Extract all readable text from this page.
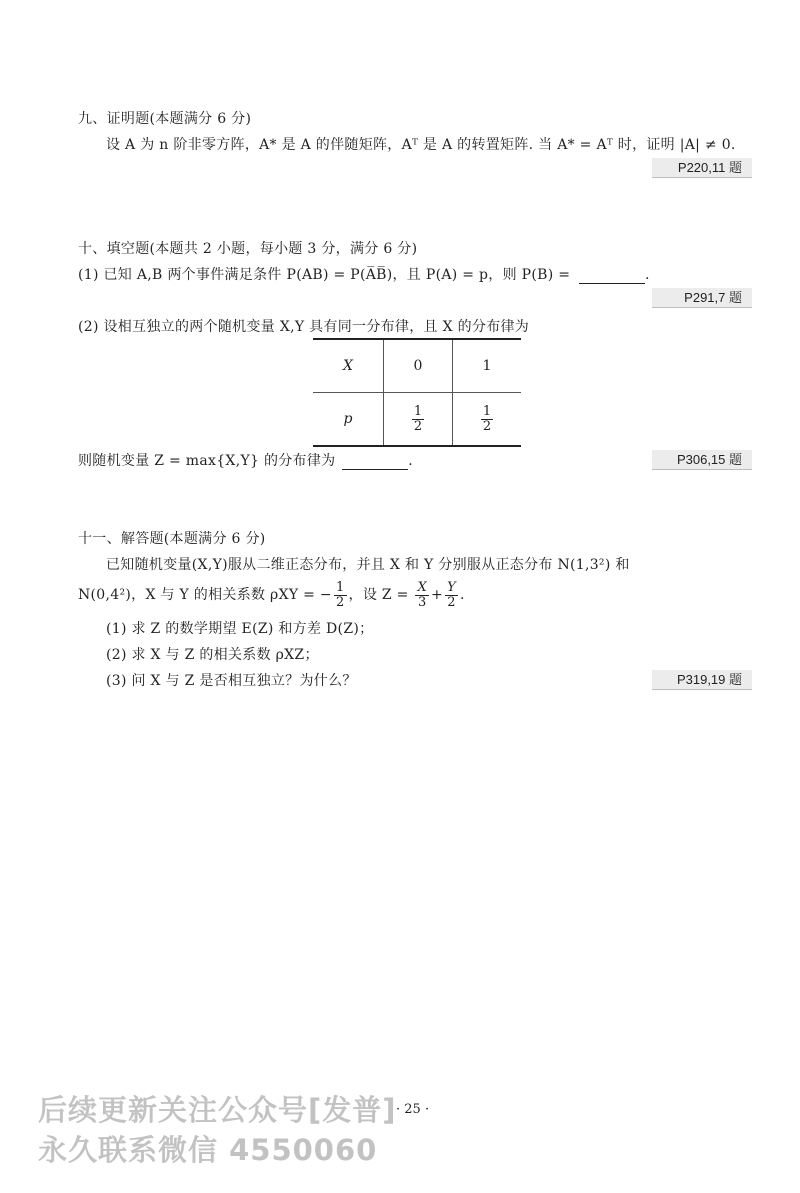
九、证明题(本题满分 6 分)
设 A 为 n 阶非零方阵，A* 是 A 的伴随矩阵，Aᵀ 是 A 的转置矩阵. 当 A* = Aᵀ 时，证明 |A| ≠ 0.
P220,11 题
十、填空题(本题共 2 小题，每小题 3 分，满分 6 分)
(1) 已知 A,B 两个事件满足条件 P(AB) = P(A̅B̅)，且 P(A) = p，则 P(B) =	.
P291,7 题
(2) 设相互独立的两个随机变量 X,Y 具有同一分布律，且 X 的分布律为
X	0	1
p	$\frac{1}{2}$	$\frac{1}{2}$
则随机变量 Z = max{X,Y} 的分布律为	.	P306,15 题
十一、解答题(本题满分 6 分)
已知随机变量(X,Y)服从二维正态分布，并且 X 和 Y 分别服从正态分布 N(1,3²) 和
N(0,4²)，X 与 Y 的相关系数 ρXY = − $\frac{1}{2}$ ，设 $Z = \frac{X}{3} + \frac{Y}{2}$ .
(1) 求 Z 的数学期望 E(Z) 和方差 D(Z)；
(2) 求 X 与 Z 的相关系数 ρXZ；
(3) 问 X 与 Z 是否相互独立？为什么？	P319,19 题
· 25 ·
后续更新关注公众号[发普]
永久联系微信 4550060
